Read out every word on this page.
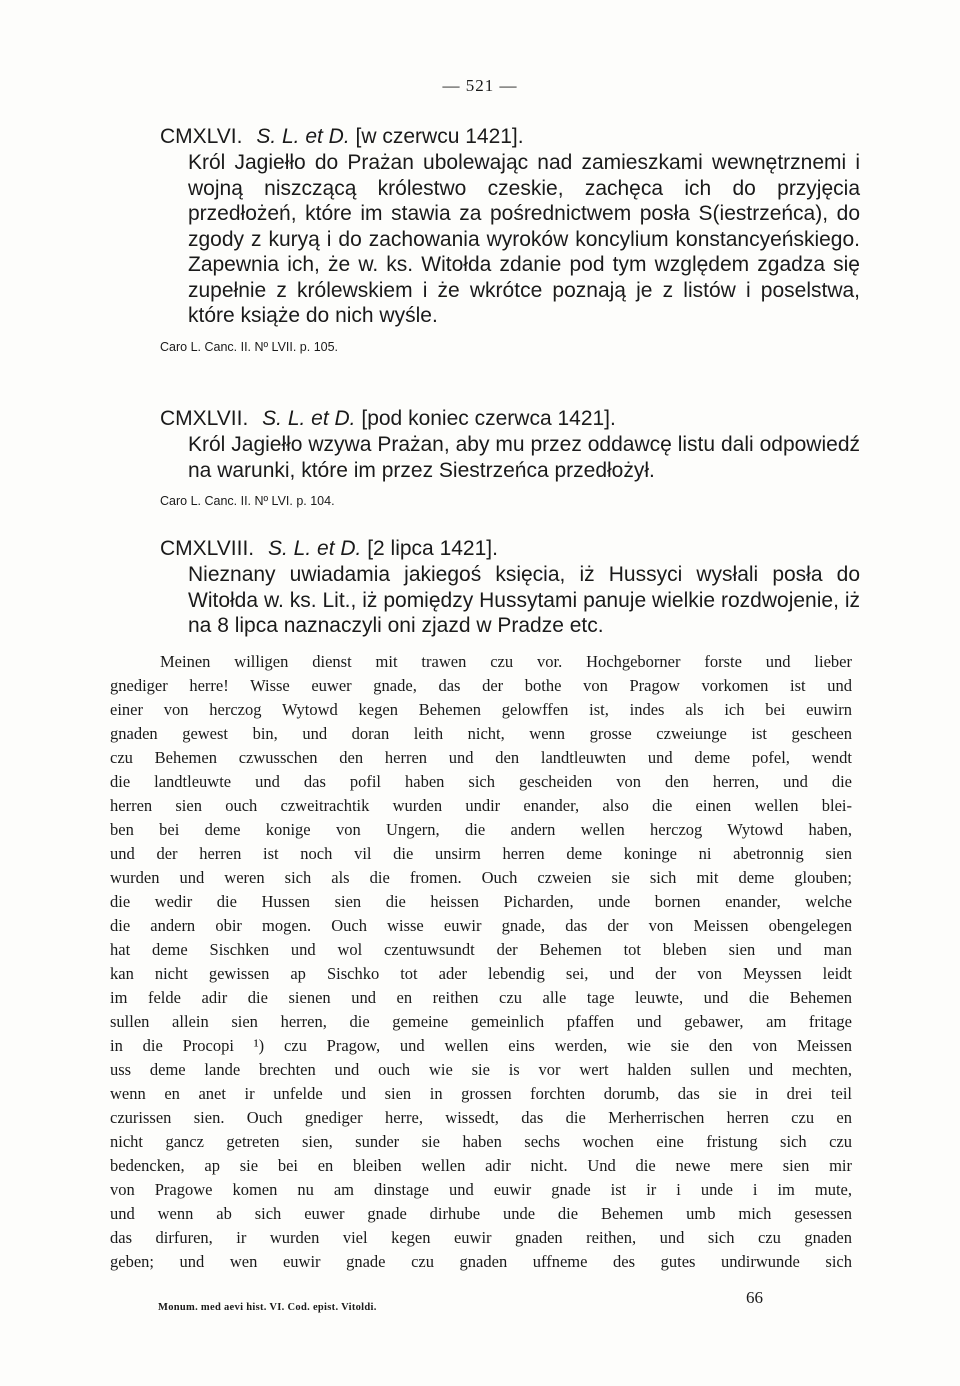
— 521 —

CMXLVI. S. L. et D. [w czerwcu 1421].

Król Jagiełło do Prażan ubolewając nad zamieszkami wewnętrznemi i wojną niszczącą królestwo czeskie, zachęca ich do przyjęcia przedłożeń, które im stawia za pośrednictwem posła S(iestrzeńca), do zgody z kuryą i do zachowania wyroków koncylium konstancyeńskiego. Zapewnia ich, że w. ks. Witołda zdanie pod tym względem zgadza się zupełnie z królewskiem i że wkrótce poznają je z listów i poselstwa, które książe do nich wyśle.

Caro L. Canc. II. Nº LVII. p. 105.

CMXLVII. S. L. et D. [pod koniec czerwca 1421].

Król Jagiełło wzywa Prażan, aby mu przez oddawcę listu dali odpowiedź na warunki, które im przez Siestrzeńca przedłożył.

Caro L. Canc. II. Nº LVI. p. 104.

CMXLVIII. S. L. et D. [2 lipca 1421].

Nieznany uwiadamia jakiegoś księcia, iż Hussyci wysłali posła do Witołda w. ks. Lit., iż pomiędzy Hussytami panuje wielkie rozdwojenie, iż na 8 lipca naznaczyli oni zjazd w Pradze etc.

Meinen willigen dienst mit trawen czu vor. Hochgeborner forste und lieber
gnediger herre! Wisse euwer gnade, das der bothe von Pragow vorkomen ist und
einer von herczog Wytowd kegen Behemen gelowffen ist, indes als ich bei euwirn
gnaden gewest bin, und doran leith nicht, wenn grosse czweiunge ist gescheen
czu Behemen czwusschen den herren und den landtleuwten und deme pofel, wendt
die landtleuwte und das pofil haben sich gescheiden von den herren, und die
herren sien ouch czweitrachtik wurden undir enander, also die einen wellen blei-
ben bei deme konige von Ungern, die andern wellen herczog Wytowd haben,
und der herren ist noch vil die unsirm herren deme koninge ni abetronnig sien
wurden und weren sich als die fromen. Ouch czweien sie sich mit deme glouben;
die wedir die Hussen sien die heissen Picharden, unde bornen enander, welche
die andern obir mogen. Ouch wisse euwir gnade, das der von Meissen obengelegen
hat deme Sischken und wol czentuwsundt der Behemen tot bleben sien und man
kan nicht gewissen ap Sischko tot ader lebendig sei, und der von Meyssen leidt
im felde adir die sienen und en reithen czu alle tage leuwte, und die Behemen
sullen allein sien herren, die gemeine gemeinlich pfaffen und gebawer, am fritage
in die Procopi ¹) czu Pragow, und wellen eins werden, wie sie den von Meissen
uss deme lande brechten und ouch wie sie is vor wert halden sullen und mechten,
wenn en anet ir unfelde und sien in grossen forchten dorumb, das sie in drei teil
czurissen sien. Ouch gnediger herre, wissedt, das die Merherrischen herren czu en
nicht gancz getreten sien, sunder sie haben sechs wochen eine fristung sich czu
bedencken, ap sie bei en bleiben wellen adir nicht. Und die newe mere sien mir
von Pragowe komen nu am dinstage und euwir gnade ist ir i unde i im mute,
und wenn ab sich euwer gnade dirhube unde die Behemen umb mich gesessen
das dirfuren, ir wurden viel kegen euwir gnaden reithen, und sich czu gnaden
geben; und wen euwir gnade czu gnaden uffneme des gutes undirwunde sich
Monum. med aevi hist. VI. Cod. epist. Vitoldi.
66
